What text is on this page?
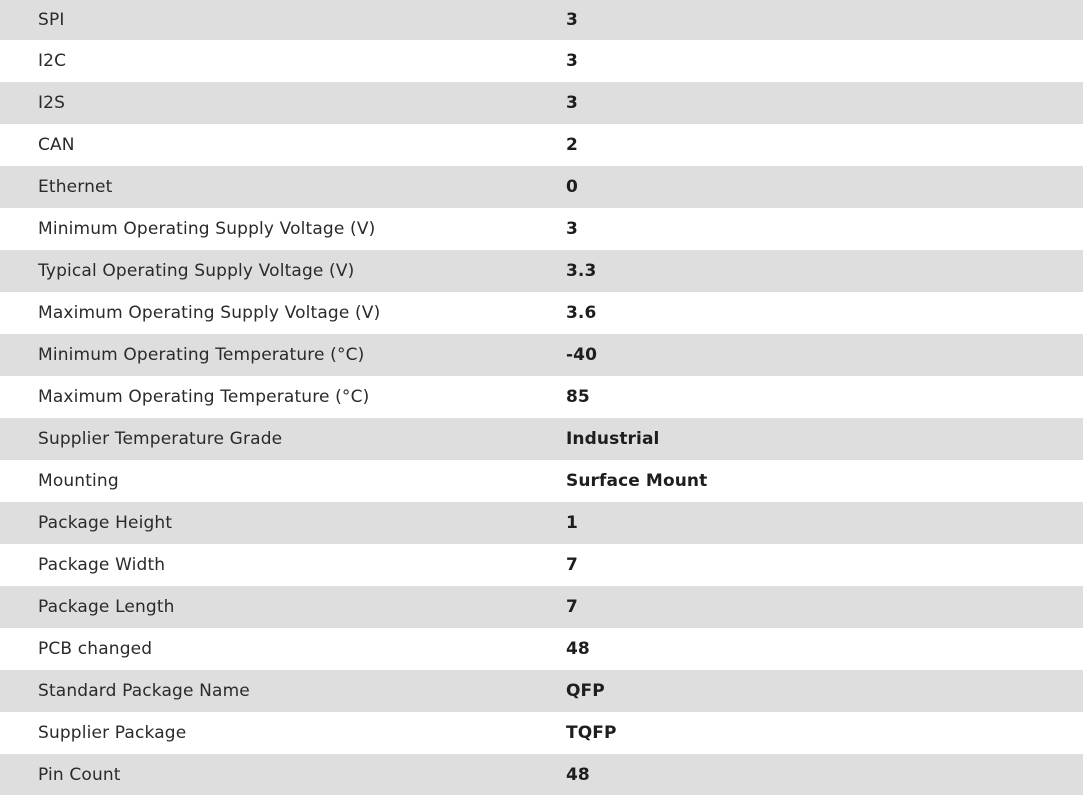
SPI	3
I2C	3
I2S	3
CAN	2
Ethernet	0
Minimum Operating Supply Voltage (V)	3
Typical Operating Supply Voltage (V)	3.3
Maximum Operating Supply Voltage (V)	3.6
Minimum Operating Temperature (°C)	-40
Maximum Operating Temperature (°C)	85
Supplier Temperature Grade	Industrial
Mounting	Surface Mount
Package Height	1
Package Width	7
Package Length	7
PCB changed	48
Standard Package Name	QFP
Supplier Package	TQFP
Pin Count	48
